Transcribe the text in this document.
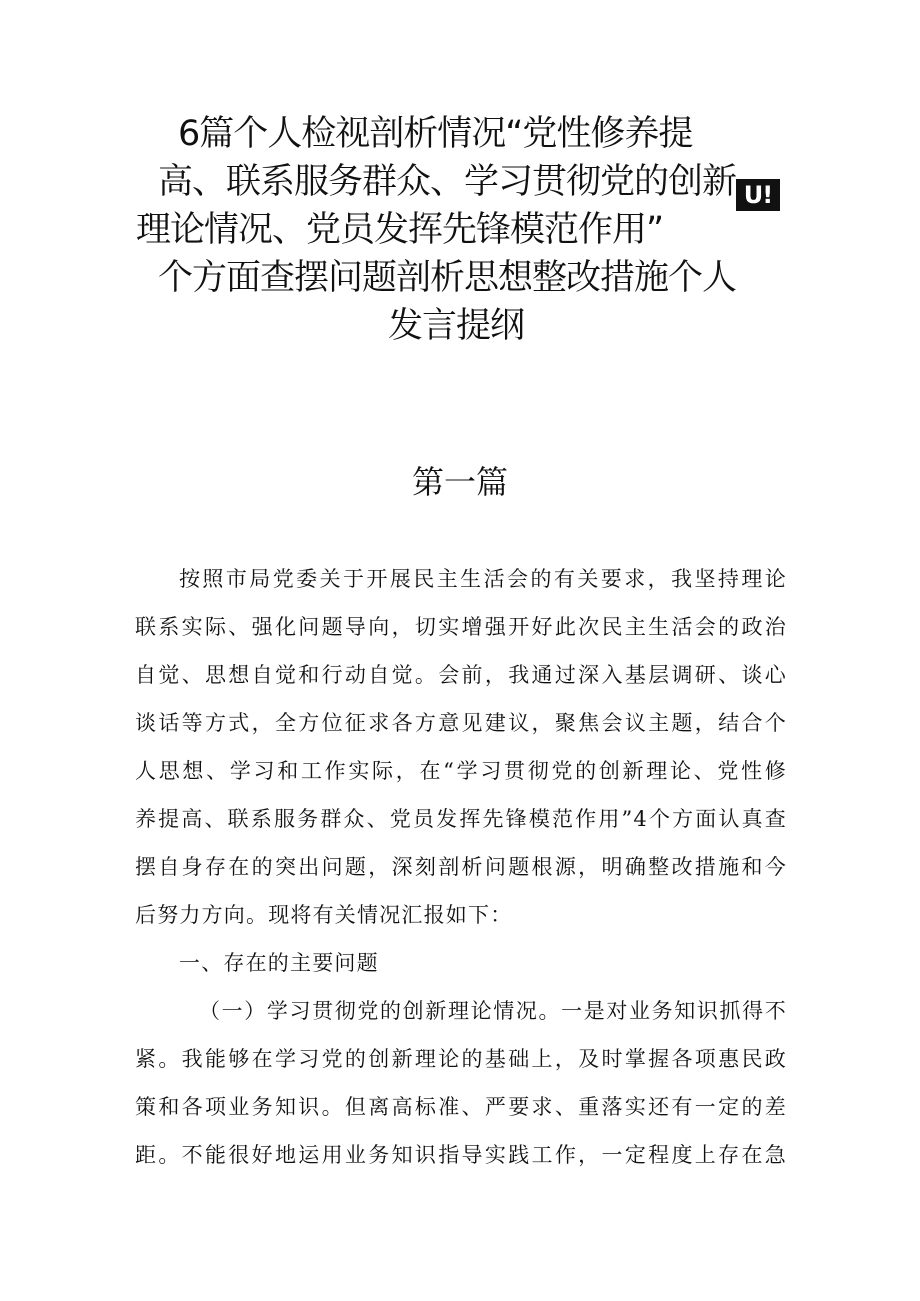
6篇个人检视剖析情况“党性修养提
高、联系服务群众、学习贯彻党的创新
理论情况、党员发挥先锋模范作用”
个方面查摆问题剖析思想整改措施个人
发言提纲
U!
第一篇
按照市局党委关于开展民主生活会的有关要求，我坚持理论
联系实际、强化问题导向，切实增强开好此次民主生活会的政治
自觉、思想自觉和行动自觉。会前，我通过深入基层调研、谈心
谈话等方式，全方位征求各方意见建议，聚焦会议主题，结合个
人思想、学习和工作实际，在“学习贯彻党的创新理论、党性修
养提高、联系服务群众、党员发挥先锋模范作用”4个方面认真查
摆自身存在的突出问题，深刻剖析问题根源，明确整改措施和今
后努力方向。现将有关情况汇报如下：
一、存在的主要问题
（一）学习贯彻党的创新理论情况。一是对业务知识抓得不
紧。我能够在学习党的创新理论的基础上，及时掌握各项惠民政
策和各项业务知识。但离高标准、严要求、重落实还有一定的差
距。不能很好地运用业务知识指导实践工作，一定程度上存在急
